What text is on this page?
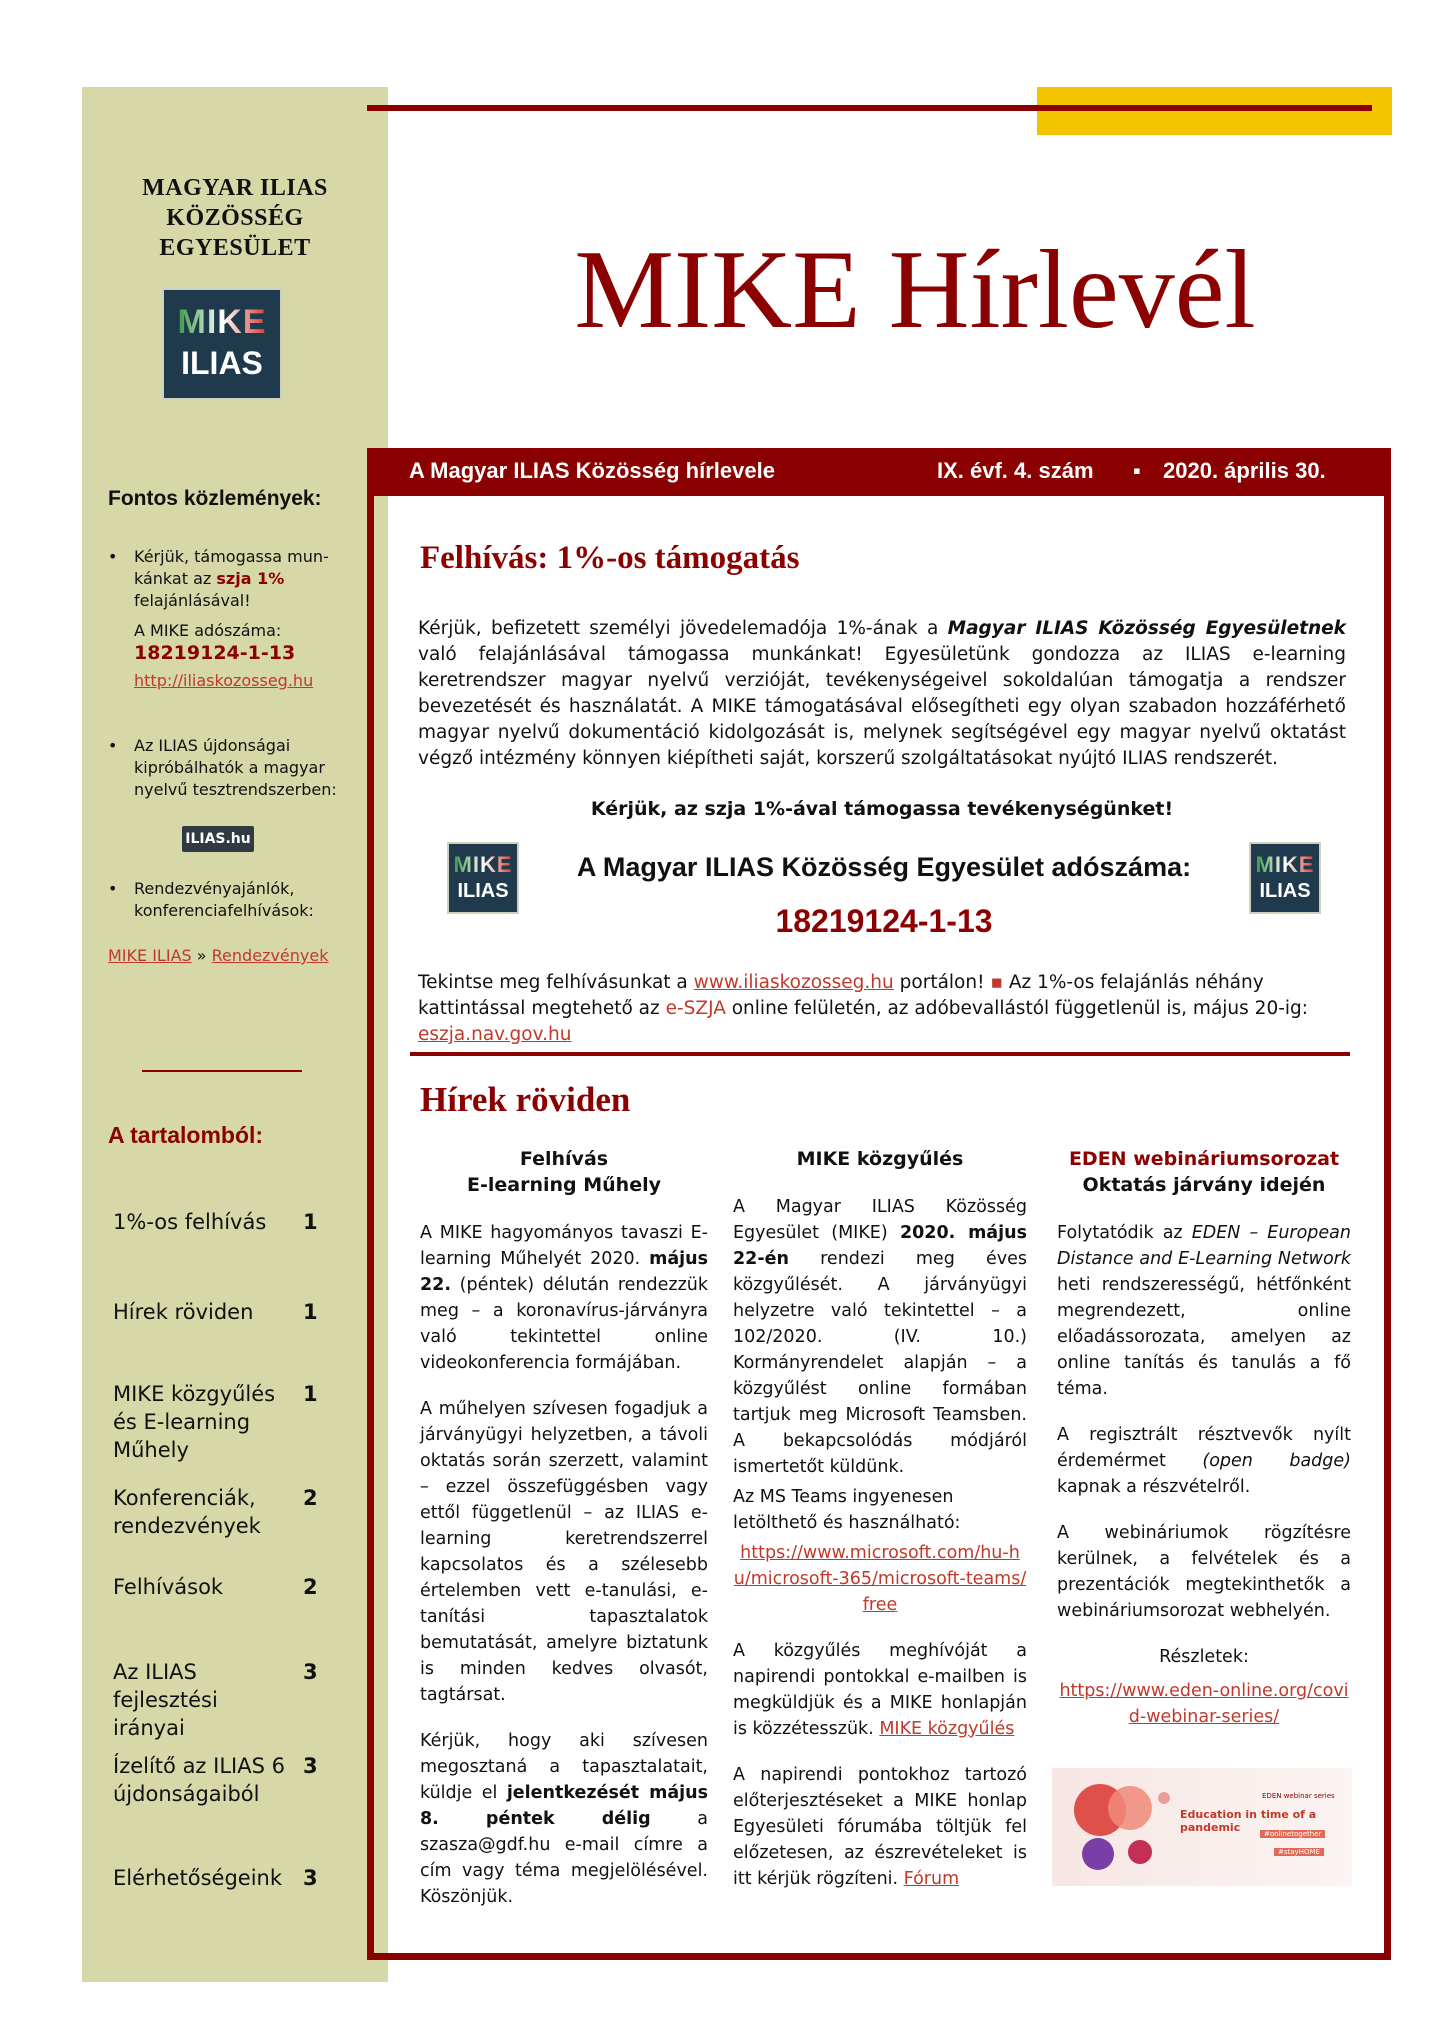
MAGYAR ILIAS
KÖZÖSSÉG
EGYESÜLET
MIKE
ILIAS
Fontos közlemények:
• Kérjük, támogassa mun-
kánkat az szja 1%
felajánlásával!
A MIKE adószáma:
18219124-1-13
http://iliaskozosseg.hu
• Az ILIAS újdonságai
kipróbálhatók a magyar
nyelvű tesztrendszerben:
ILIAS.hu
• Rendezvényajánlók,
konferenciafelhívások:
MIKE ILIAS » Rendezvények
A tartalomból:
1%-os felhívás	1
Hírek röviden	1
MIKE közgyűlés és E-learning Műhely
1
Konferenciák, rendezvények
2
Felhívások	2
Az ILIAS fejlesztési irányai
3
Ízelítő az ILIAS 6 újdonságaiból
3
Elérhetőségeink 3
MIKE Hírlevél
A Magyar ILIAS Közösség hírlevele	IX. évf. 4. szám ▪ 2020. április 30.
Felhívás: 1%-os támogatás
Kérjük, befizetett személyi jövedelemadója 1%-ának a Magyar ILIAS Közösség Egyesületnek való felajánlásával támogassa munkánkat! Egyesületünk gondozza az ILIAS e-learning keretrendszer magyar nyelvű verzióját, tevékenységeivel sokoldalúan támogatja a rendszer bevezetését és használatát. A MIKE támogatásával elősegítheti egy olyan szabadon hozzáférhető magyar nyelvű dokumentáció kidolgozását is, melynek segítségével egy magyar nyelvű oktatást végző intézmény könnyen kiépítheti saját, korszerű szolgáltatásokat nyújtó ILIAS rendszerét.
Kérjük, az szja 1%-ával támogassa tevékenységünket!
MIKE
ILIAS
MIKE
ILIAS
A Magyar ILIAS Közösség Egyesület adószáma:
18219124-1-13
Tekintse meg felhívásunkat a www.iliaskozosseg.hu portálon! ▪ Az 1%-os felajánlás néhány kattintással megtehető az e-SZJA online felületén, az adóbevallástól függetlenül is, május 20-ig: eszja.nav.gov.hu
Hírek röviden
Felhívás
E-learning Műhely

A MIKE hagyományos tavaszi E-learning Műhelyét 2020. május 22. (péntek) délután rendezzük meg – a koronavírus-járványra való tekintettel online videokonferencia formájában.

A műhelyen szívesen fogadjuk a járványügyi helyzetben, a távoli oktatás során szerzett, valamint – ezzel összefüggésben vagy ettől függetlenül – az ILIAS e-learning keretrendszerrel kapcsolatos és a szélesebb értelemben vett e-tanulási, e-tanítási tapasztalatok bemutatását, amelyre biztatunk is minden kedves olvasót, tagtársat.

Kérjük, hogy aki szívesen megosztaná a tapasztalatait, küldje el jelentkezését május 8. péntek délig a szasza@gdf.hu e-mail címre a cím vagy téma megjelölésével. Köszönjük.

MIKE közgyűlés

A Magyar ILIAS Közösség Egyesület (MIKE) 2020. május 22-én rendezi meg éves közgyűlését. A járványügyi helyzetre való tekintettel – a 102/2020. (IV. 10.) Kormányrendelet alapján – a közgyűlést online formában tartjuk meg Microsoft Teamsben. A bekapcsolódás módjáról ismertetőt küldünk.

Az MS Teams ingyenesen letölthető és használható:

https://www.microsoft.com/hu-hu/microsoft-365/microsoft-teams/free

A közgyűlés meghívóját a napirendi pontokkal e-mailben is megküldjük és a MIKE honlapján is közzétesszük. MIKE közgyűlés

A napirendi pontokhoz tartozó előterjesztéseket a MIKE honlap Egyesületi fórumába töltjük fel előzetesen, az észrevételeket is itt kérjük rögzíteni. Fórum

EDEN webináriumsorozat
Oktatás járvány idején

Folytatódik az EDEN – European Distance and E-Learning Network heti rendszerességű, hétfőnként megrendezett, online előadássorozata, amelyen az online tanítás és tanulás a fő téma.

A regisztrált résztvevők nyílt érdemérmet (open badge) kapnak a részvételről.

A webináriumok rögzítésre kerülnek, a felvételek és a prezentációk megtekinthetők a webináriumsorozat webhelyén.

Részletek:

https://www.eden-online.org/covid-webinar-series/

EDEN webinar series
Education in time of a pandemic	#onlinetogether
#stayHOME
